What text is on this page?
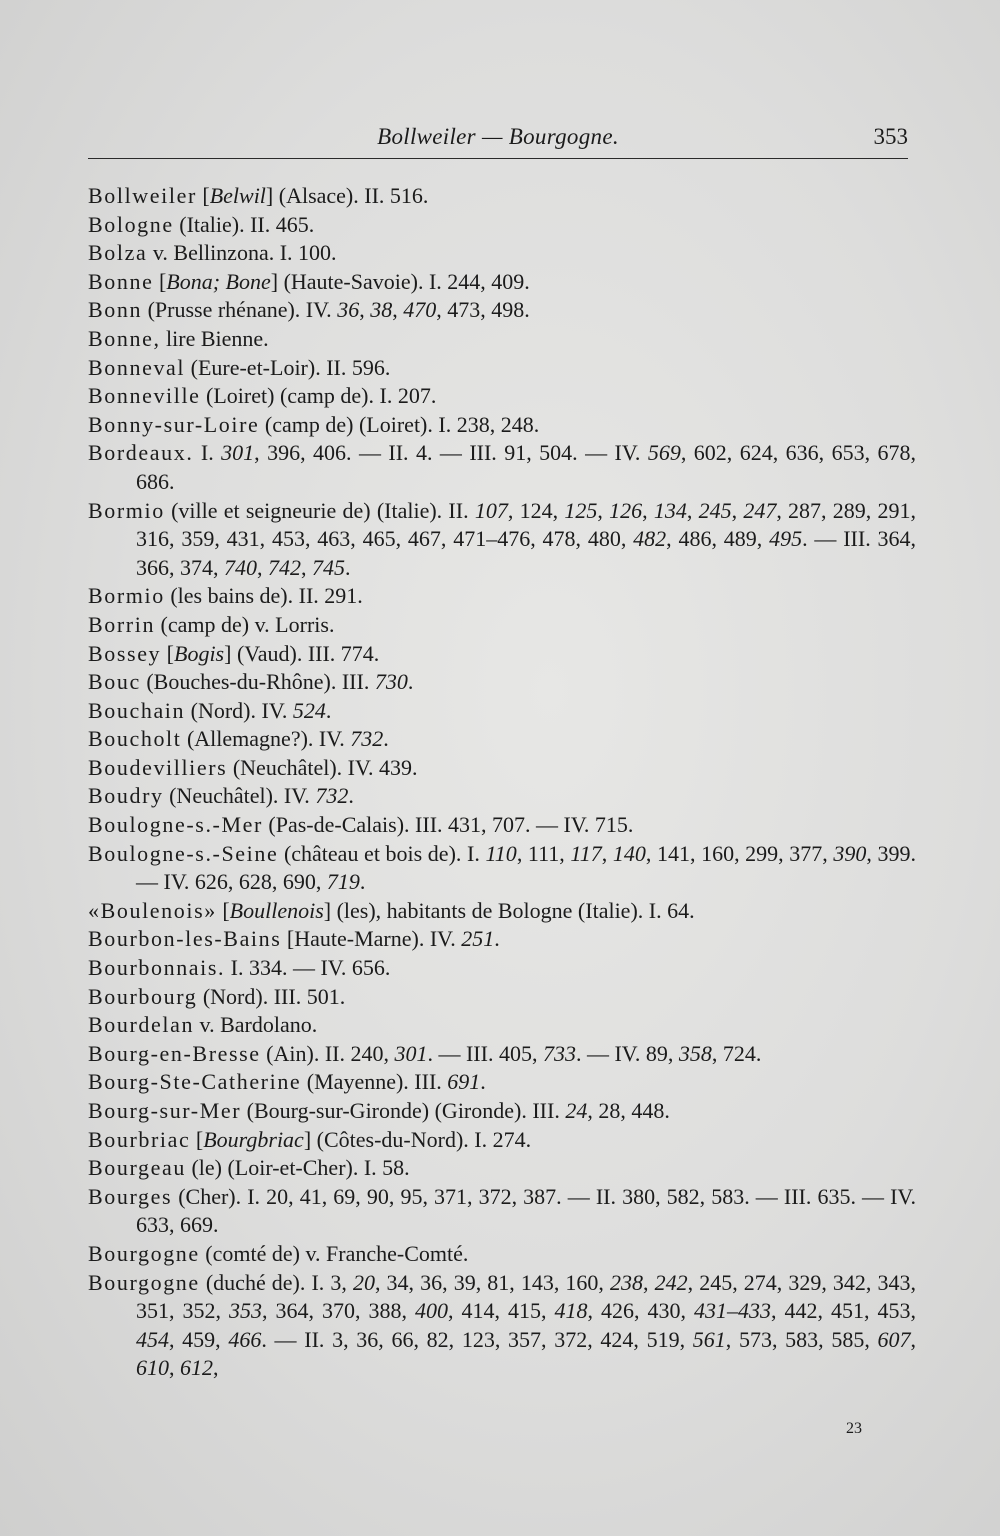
Bollweiler — Bourgogne.	353

Bollweiler [Belwil] (Alsace). II. 516.

Bologne (Italie). II. 465.

Bolza v. Bellinzona. I. 100.

Bonne [Bona; Bone] (Haute-Savoie). I. 244, 409.

Bonn (Prusse rhénane). IV. 36, 38, 470, 473, 498.

Bonne, lire Bienne.

Bonneval (Eure-et-Loir). II. 596.

Bonneville (Loiret) (camp de). I. 207.

Bonny-sur-Loire (camp de) (Loiret). I. 238, 248.

Bordeaux. I. 301, 396, 406. — II. 4. — III. 91, 504. — IV. 569, 602, 624, 636, 653, 678, 686.

Bormio (ville et seigneurie de) (Italie). II. 107, 124, 125, 126, 134, 245, 247, 287, 289, 291, 316, 359, 431, 453, 463, 465, 467, 471–476, 478, 480, 482, 486, 489, 495. — III. 364, 366, 374, 740, 742, 745.

Bormio (les bains de). II. 291.

Borrin (camp de) v. Lorris.

Bossey [Bogis] (Vaud). III. 774.

Bouc (Bouches-du-Rhône). III. 730.

Bouchain (Nord). IV. 524.

Boucholt (Allemagne?). IV. 732.

Boudevilliers (Neuchâtel). IV. 439.

Boudry (Neuchâtel). IV. 732.

Boulogne-s.-Mer (Pas-de-Calais). III. 431, 707. — IV. 715.

Boulogne-s.-Seine (château et bois de). I. 110, 111, 117, 140, 141, 160, 299, 377, 390, 399. — IV. 626, 628, 690, 719.

«Boulenois» [Boullenois] (les), habitants de Bologne (Italie). I. 64.

Bourbon-les-Bains [Haute-Marne). IV. 251.

Bourbonnais. I. 334. — IV. 656.

Bourbourg (Nord). III. 501.

Bourdelan v. Bardolano.

Bourg-en-Bresse (Ain). II. 240, 301. — III. 405, 733. — IV. 89, 358, 724.

Bourg-Ste-Catherine (Mayenne). III. 691.

Bourg-sur-Mer (Bourg-sur-Gironde) (Gironde). III. 24, 28, 448.

Bourbriac [Bourgbriac] (Côtes-du-Nord). I. 274.

Bourgeau (le) (Loir-et-Cher). I. 58.

Bourges (Cher). I. 20, 41, 69, 90, 95, 371, 372, 387. — II. 380, 582, 583. — III. 635. — IV. 633, 669.

Bourgogne (comté de) v. Franche-Comté.

Bourgogne (duché de). I. 3, 20, 34, 36, 39, 81, 143, 160, 238, 242, 245, 274, 329, 342, 343, 351, 352, 353, 364, 370, 388, 400, 414, 415, 418, 426, 430, 431–433, 442, 451, 453, 454, 459, 466. — II. 3, 36, 66, 82, 123, 357, 372, 424, 519, 561, 573, 583, 585, 607, 610, 612,

23
